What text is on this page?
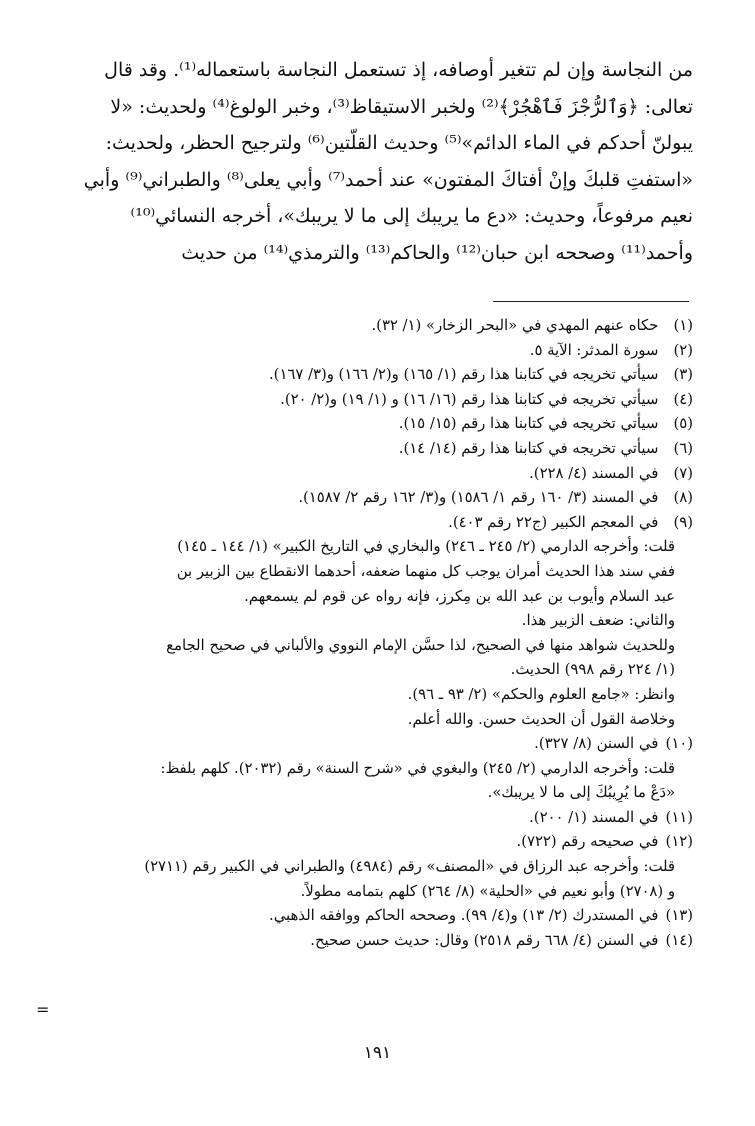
من النجاسة وإن لم تتغير أوصافه، إذ تستعمل النجاسة باستعماله⁽¹⁾. وقد قال
تعالى: ﴿وَٱلرُّجْزَ فَٱهْجُرْ﴾⁽²⁾ ولخبر الاستيقاظ⁽³⁾، وخبر الولوغ⁽⁴⁾ ولحديث: «لا
يبولنّ أحدكم في الماء الدائم»⁽⁵⁾ وحديث القلّتين⁽⁶⁾ ولترجيح الحظر، ولحديث:
«استفتِ قلبكَ وإنْ أفتاكَ المفتون» عند أحمد⁽⁷⁾ وأبي يعلى⁽⁸⁾ والطبراني⁽⁹⁾ وأبي
نعيم مرفوعاً، وحديث: «دع ما يريبك إلى ما لا يريبك»، أخرجه النسائي⁽¹⁰⁾
وأحمد⁽¹¹⁾ وصححه ابن حبان⁽¹²⁾ والحاكم⁽¹³⁾ والترمذي⁽¹⁴⁾ من حديث
(١) حكاه عنهم المهدي في «البحر الزخار» (١/ ٣٢).
(٢) سورة المدثر: الآية ٥.
(٣) سيأتي تخريجه في كتابنا هذا رقم (١/ ١٦٥) و(٢/ ١٦٦) و(٣/ ١٦٧).
(٤) سيأتي تخريجه في كتابنا هذا رقم (١٦/ ١٦) و (١/ ١٩) و(٢/ ٢٠).
(٥) سيأتي تخريجه في كتابنا هذا رقم (١٥/ ١٥).
(٦) سيأتي تخريجه في كتابنا هذا رقم (١٤/ ١٤).
(٧) في المسند (٤/ ٢٢٨).
(٨) في المسند (٣/ ١٦٠ رقم ١/ ١٥٨٦) و(٣/ ١٦٢ رقم ٢/ ١٥٨٧).
(٩) في المعجم الكبير (ج٢٢ رقم ٤٠٣).
قلت: وأخرجه الدارمي (٢/ ٢٤٥ ـ ٢٤٦) والبخاري في التاريخ الكبير» (١/ ١٤٤ ـ ١٤٥)
ففي سند هذا الحديث أمران يوجب كل منهما ضعفه، أحدهما الانقطاع بين الزبير بن
عبد السلام وأيوب بن عبد الله بن مِكرز، فإنه رواه عن قوم لم يسمعهم.
والثاني: ضعف الزبير هذا.
وللحديث شواهد منها في الصحيح، لذا حسَّن الإمام النووي والألباني في صحيح الجامع
(١/ ٢٢٤ رقم ٩٩٨) الحديث.
وانظر: «جامع العلوم والحكم» (٢/ ٩٣ ـ ٩٦).
وخلاصة القول أن الحديث حسن. والله أعلم.
(١٠) في السنن (٨/ ٣٢٧).
قلت: وأخرجه الدارمي (٢/ ٢٤٥) والبغوي في «شرح السنة» رقم (٢٠٣٢). كلهم بلفظ:
«دَعْ ما يُرِيبُكَ إلى ما لا يريبك».
(١١) في المسند (١/ ٢٠٠).
(١٢) في صحيحه رقم (٧٢٢).
قلت: وأخرجه عبد الرزاق في «المصنف» رقم (٤٩٨٤) والطبراني في الكبير رقم (٢٧١١)
و (٢٧٠٨) وأبو نعيم في «الحلية» (٨/ ٢٦٤) كلهم بتمامه مطولاً.
(١٣) في المستدرك (٢/ ١٣) و(٤/ ٩٩). وصححه الحاكم ووافقه الذهبي.
(١٤) في السنن (٤/ ٦٦٨ رقم ٢٥١٨) وقال: حديث حسن صحيح.
=
١٩١
